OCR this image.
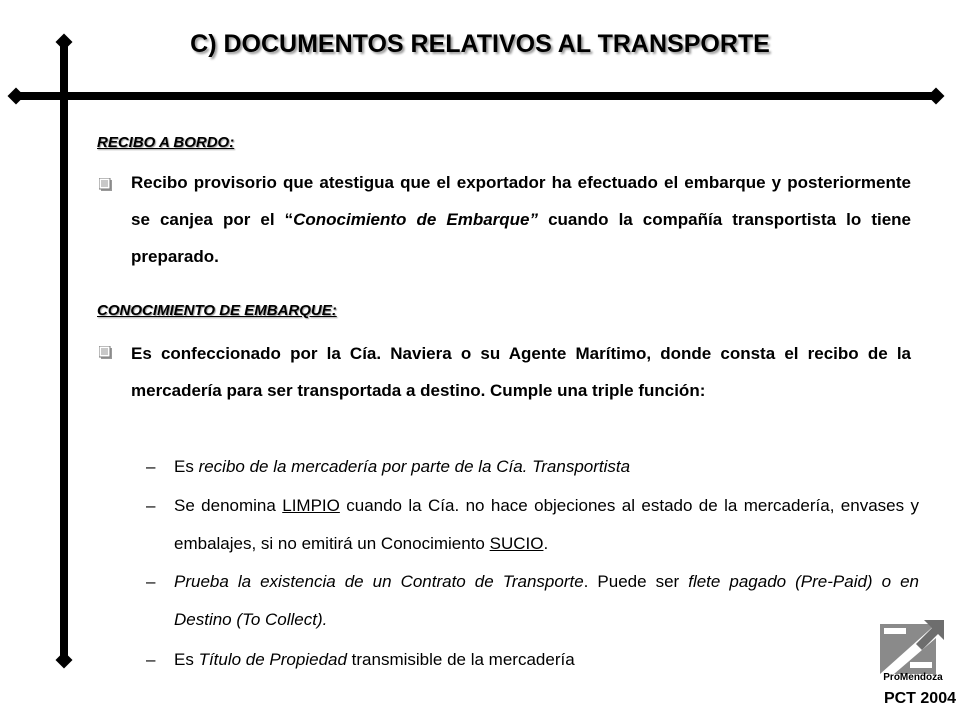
C) DOCUMENTOS RELATIVOS AL TRANSPORTE
RECIBO A BORDO:
Recibo provisorio que atestigua que el exportador ha efectuado el embarque y posteriormente se canjea por el “Conocimiento de Embarque” cuando la compañía transportista lo tiene preparado.
CONOCIMIENTO DE EMBARQUE:
Es confeccionado por la Cía. Naviera o su Agente Marítimo, donde consta el recibo de la mercadería para ser transportada a destino. Cumple una triple función:
– Es recibo de la mercadería por parte de la Cía. Transportista
– Se denomina LIMPIO cuando la Cía. no hace objeciones al estado de la mercadería, envases y embalajes, si no emitirá un Conocimiento SUCIO.
– Prueba la existencia de un Contrato de Transporte. Puede ser flete pagado (Pre-Paid) o en Destino (To Collect).
– Es Título de Propiedad transmisible de la mercadería
ProMendoza
PCT 2004
